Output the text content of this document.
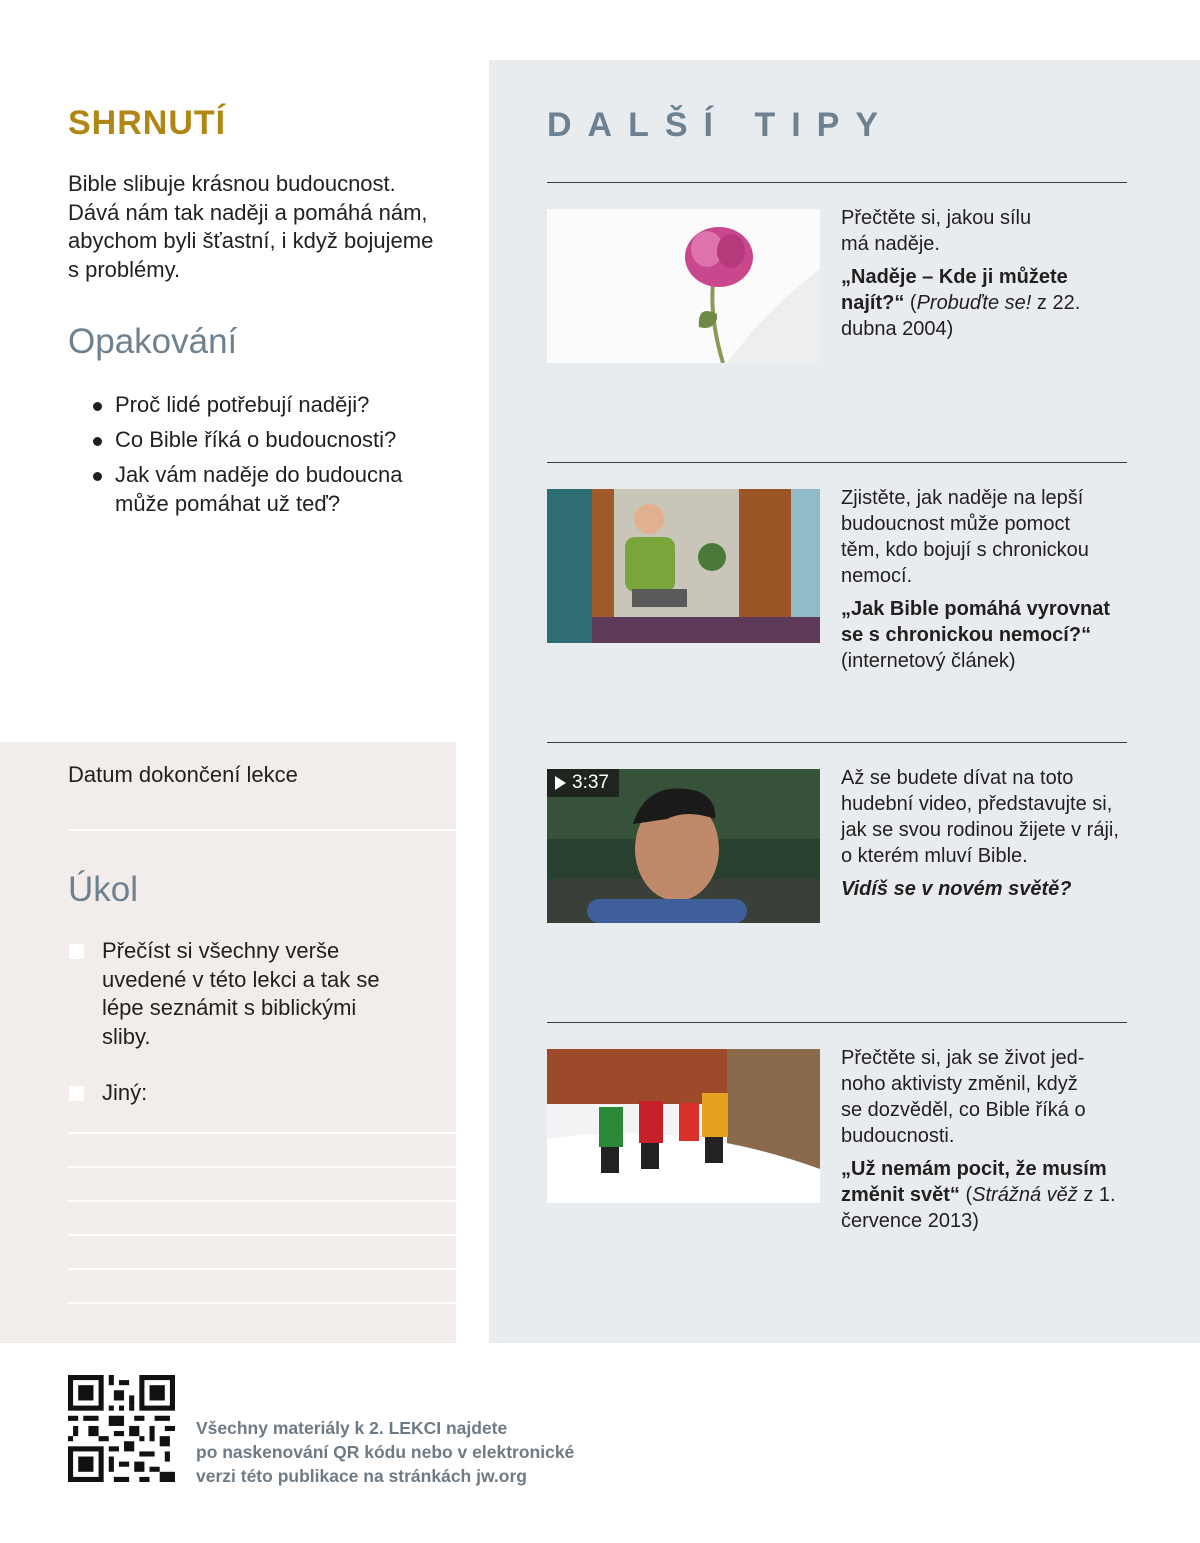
SHRNUTÍ

Bible slibuje krásnou budoucnost. Dává nám tak naději a pomáhá nám, abychom byli šťastní, i když bojujeme s problémy.

Opakování
Proč lidé potřebují naději?
Co Bible říká o budoucnosti?
Jak vám naděje do budoucna může pomáhat už teď?
Datum dokončení lekce
Úkol

Přečíst si všechny verše uvedené v této lekci a tak se lépe seznámit s biblickými sliby.

Jiný:

DALŠÍ TIPY

Přečtěte si, jakou sílu má naděje.

„Naděje – Kde ji můžete najít?“ (Probuďte se! z 22. dubna 2004)

Zjistěte, jak naděje na lepší budoucnost může pomoct těm, kdo bojují s chronickou nemocí.

„Jak Bible pomáhá vyrovnat se s chronickou nemocí?“
(internetový článek)

3:37	Až se budete dívat na toto hudební video, představujte si, jak se svou rodinou žijete v ráji, o kterém mluví Bible.

Vidíš se v novém světě?

Přečtěte si, jak se život jednoho aktivisty změnil, když se dozvěděl, co Bible říká o budoucnosti.

„Už nemám pocit, že musím změnit svět“ (Strážná věž z 1. července 2013)

Všechny materiály k 2. LEKCI najdete
po naskenování QR kódu nebo v elektronické
verzi této publikace na stránkách jw.org
